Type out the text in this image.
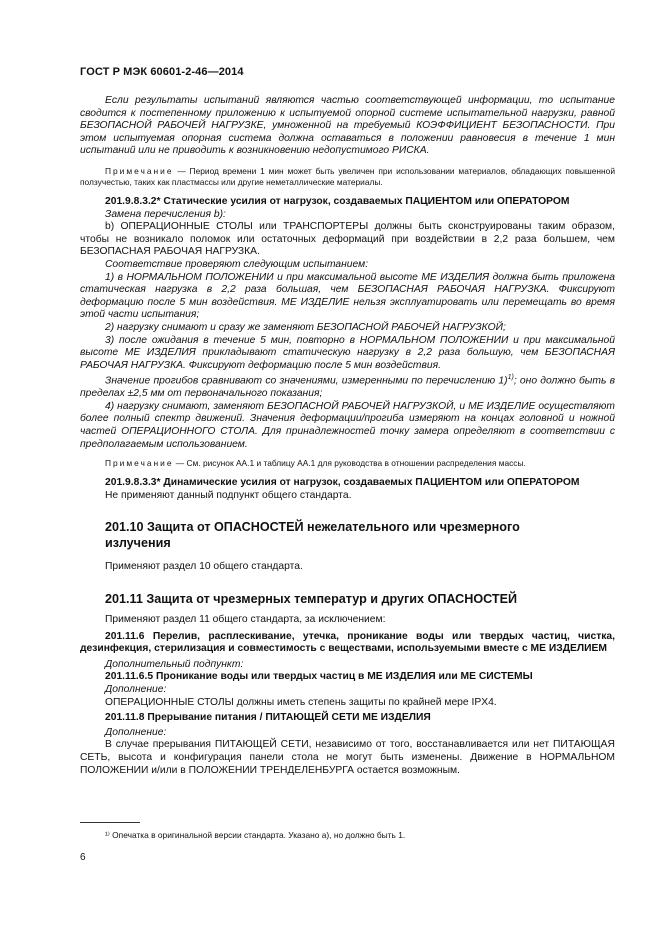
ГОСТ Р МЭК 60601-2-46—2014

Если результаты испытаний являются частью соответствующей информации, то испытание сводится к постепенному приложению к испытуемой опорной системе испытательной нагрузки, равной БЕЗОПАСНОЙ РАБОЧЕЙ НАГРУЗКЕ, умноженной на требуемый КОЭФФИЦИЕНТ БЕЗОПАСНОСТИ. При этом испытуемая опорная система должна оставаться в положении равновесия в течение 1 мин испытаний или не приводить к возникновению недопустимого РИСКА.

Примечание — Период времени 1 мин может быть увеличен при использовании материалов, обладающих повышенной ползучестью, таких как пластмассы или другие неметаллические материалы.

201.9.8.3.2* Статические усилия от нагрузок, создаваемых ПАЦИЕНТОМ или ОПЕРАТОРОМ

Замена перечисления b):

b) ОПЕРАЦИОННЫЕ СТОЛЫ или ТРАНСПОРТЕРЫ должны быть сконструированы таким образом, чтобы не возникало поломок или остаточных деформаций при воздействии в 2,2 раза большем, чем БЕЗОПАСНАЯ РАБОЧАЯ НАГРУЗКА.

Соответствие проверяют следующим испытанием:

1) в НОРМАЛЬНОМ ПОЛОЖЕНИИ и при максимальной высоте МЕ ИЗДЕЛИЯ должна быть приложена статическая нагрузка в 2,2 раза большая, чем БЕЗОПАСНАЯ РАБОЧАЯ НАГРУЗКА. Фиксируют деформацию после 5 мин воздействия. МЕ ИЗДЕЛИЕ нельзя эксплуатировать или перемещать во время этой части испытания;

2) нагрузку снимают и сразу же заменяют БЕЗОПАСНОЙ РАБОЧЕЙ НАГРУЗКОЙ;

3) после ожидания в течение 5 мин, повторно в НОРМАЛЬНОМ ПОЛОЖЕНИИ и при максимальной высоте МЕ ИЗДЕЛИЯ прикладывают статическую нагрузку в 2,2 раза большую, чем БЕЗОПАСНАЯ РАБОЧАЯ НАГРУЗКА. Фиксируют деформацию после 5 мин воздействия.

Значение прогибов сравнивают со значениями, измеренными по перечислению 1)$^{1)}$; оно должно быть в пределах ±2,5 мм от первоначального показания;

4) нагрузку снимают, заменяют БЕЗОПАСНОЙ РАБОЧЕЙ НАГРУЗКОЙ, и МЕ ИЗДЕЛИЕ осуществляют более полный спектр движений. Значения деформации/прогиба измеряют на концах головной и ножной частей ОПЕРАЦИОННОГО СТОЛА. Для принадлежностей точку замера определяют в соответствии с предполагаемым использованием.

Примечание — См. рисунок АА.1 и таблицу АА.1 для руководства в отношении распределения массы.

201.9.8.3.3* Динамические усилия от нагрузок, создаваемых ПАЦИЕНТОМ или ОПЕРАТОРОМ

Не применяют данный подпункт общего стандарта.

201.10 Защита от ОПАСНОСТЕЙ нежелательного или чрезмерного излучения

Применяют раздел 10 общего стандарта.

201.11 Защита от чрезмерных температур и других ОПАСНОСТЕЙ

Применяют раздел 11 общего стандарта, за исключением:

201.11.6 Перелив, расплескивание, утечка, проникание воды или твердых частиц, чистка, дезинфекция, стерилизация и совместимость с веществами, используемыми вместе с МЕ ИЗДЕЛИЕМ

Дополнительный подпункт:

201.11.6.5 Проникание воды или твердых частиц в МЕ ИЗДЕЛИЯ или МЕ СИСТЕМЫ

Дополнение:

ОПЕРАЦИОННЫЕ СТОЛЫ должны иметь степень защиты по крайней мере IPX4.

201.11.8 Прерывание питания / ПИТАЮЩЕЙ СЕТИ МЕ ИЗДЕЛИЯ

Дополнение:

В случае прерывания ПИТАЮЩЕЙ СЕТИ, независимо от того, восстанавливается или нет ПИТАЮЩАЯ СЕТЬ, высота и конфигурация панели стола не могут быть изменены. Движение в НОРМАЛЬНОМ ПОЛОЖЕНИИ и/или в ПОЛОЖЕНИИ ТРЕНДЕЛЕНБУРГА остается возможным.

¹⁾ Опечатка в оригинальной версии стандарта. Указано а), но должно быть 1.
6
